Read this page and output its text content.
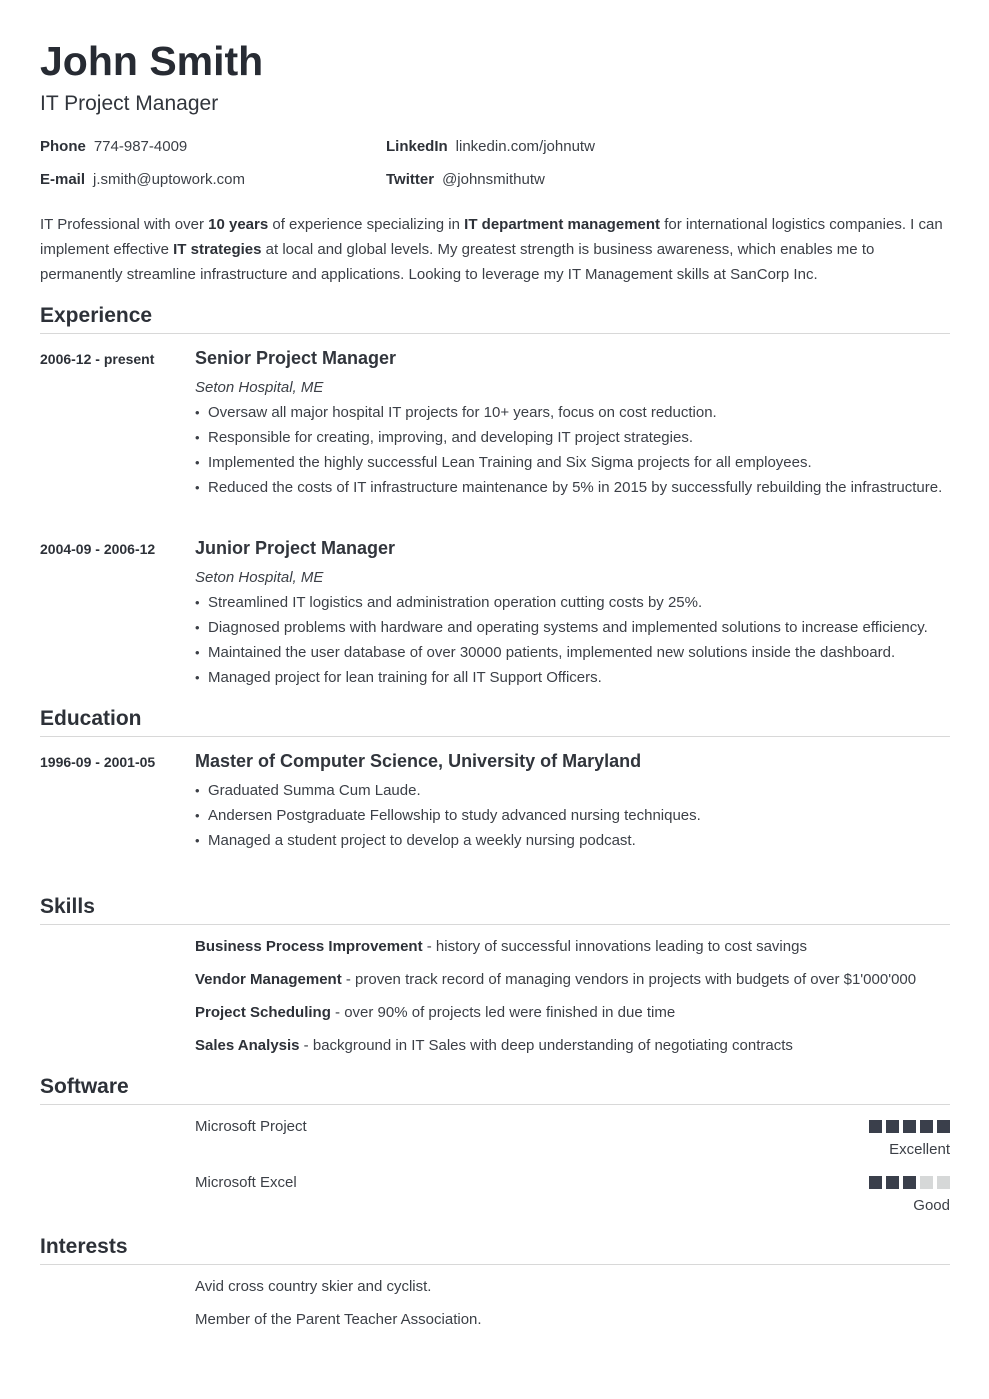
John Smith
IT Project Manager
Phone 774-987-4009
E-mail j.smith@uptowork.com
LinkedIn linkedin.com/johnutw
Twitter @johnsmithutw

IT Professional with over 10 years of experience specializing in IT department management for international logistics companies. I can implement effective IT strategies at local and global levels. My greatest strength is business awareness, which enables me to permanently streamline infrastructure and applications. Looking to leverage my IT Management skills at SanCorp Inc.

Experience
2006-12 - present Senior Project Manager
Seton Hospital, ME
• Oversaw all major hospital IT projects for 10+ years, focus on cost reduction.
• Responsible for creating, improving, and developing IT project strategies.
• Implemented the highly successful Lean Training and Six Sigma projects for all employees.
• Reduced the costs of IT infrastructure maintenance by 5% in 2015 by successfully rebuilding the infrastructure.
2004-09 - 2006-12 Junior Project Manager
Seton Hospital, ME
• Streamlined IT logistics and administration operation cutting costs by 25%.
• Diagnosed problems with hardware and operating systems and implemented solutions to increase efficiency.
• Maintained the user database of over 30000 patients, implemented new solutions inside the dashboard.
• Managed project for lean training for all IT Support Officers.
Education
1996-09 - 2001-05 Master of Computer Science, University of Maryland
• Graduated Summa Cum Laude.
• Andersen Postgraduate Fellowship to study advanced nursing techniques.
• Managed a student project to develop a weekly nursing podcast.
Skills
Business Process Improvement - history of successful innovations leading to cost savings
Vendor Management - proven track record of managing vendors in projects with budgets of over $1'000'000
Project Scheduling - over 90% of projects led were finished in due time
Sales Analysis - background in IT Sales with deep understanding of negotiating contracts
Software
Microsoft Project
Excellent
Microsoft Excel
Good
Interests
Avid cross country skier and cyclist.
Member of the Parent Teacher Association.
